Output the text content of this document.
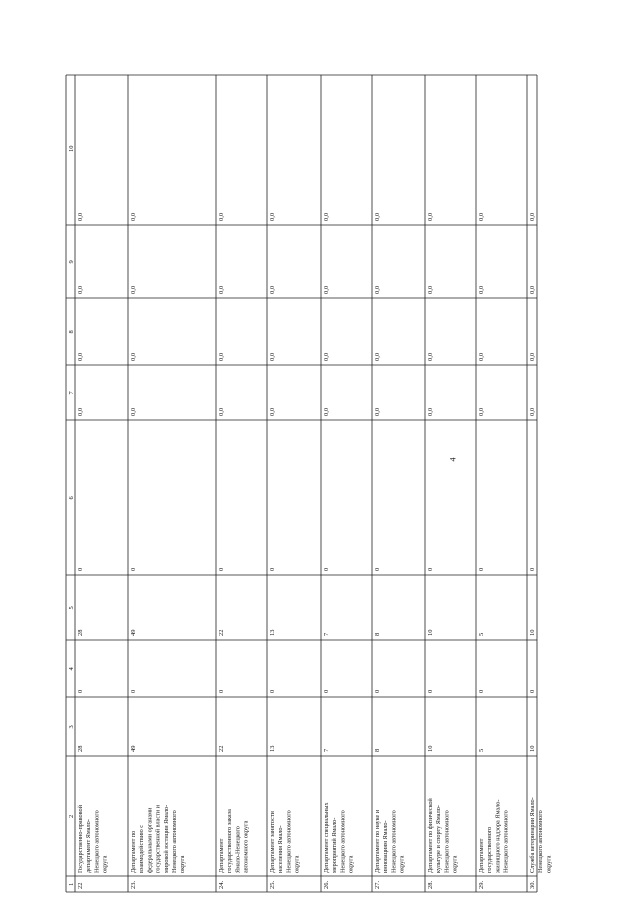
4
1
2
3
4
5
6
7
8
9
10
22
Государственно-правовой департамент Ямало- Ненецкого автономного округа
28
0
28
0
0,0
0,0
0,0
0,0
23.
Департамент по взаимодействию с федеральными органами государственной власти и мировой юстиции Ямало- Ненецкого автономного округа
49
0
49
0
0,0
0,0
0,0
0,0
24.
Департамент государственного заказа Ямало-Ненецкого автономного округа
22
0
22
0
0,0
0,0
0,0
0,0
25.
Департамент занятости населения Ямало- Ненецкого автономного округа
13
0
13
0
0,0
0,0
0,0
0,0
26.
Департамент специальных мероприятий Ямало- Ненецкого автономного округа
7
0
7
0
0,0
0,0
0,0
0,0
27.
Департамент по науке и инновациям Ямало- Ненецкого автономного округа
8
0
8
0
0,0
0,0
0,0
0,0
28.
Департамент по физической культуре и спорту Ямало- Ненецкого автономного округа
10
0
10
0
0,0
0,0
0,0
0,0
29.
Департамент государственного жилищного надзора Ямало- Ненецкого автономного
5
0
5
0
0,0
0,0
0,0
0,0
30.
Служба ветеринарии Ямало- Ненецкого автономного округа
10
0
10
0
0,0
0,0
0,0
0,0
